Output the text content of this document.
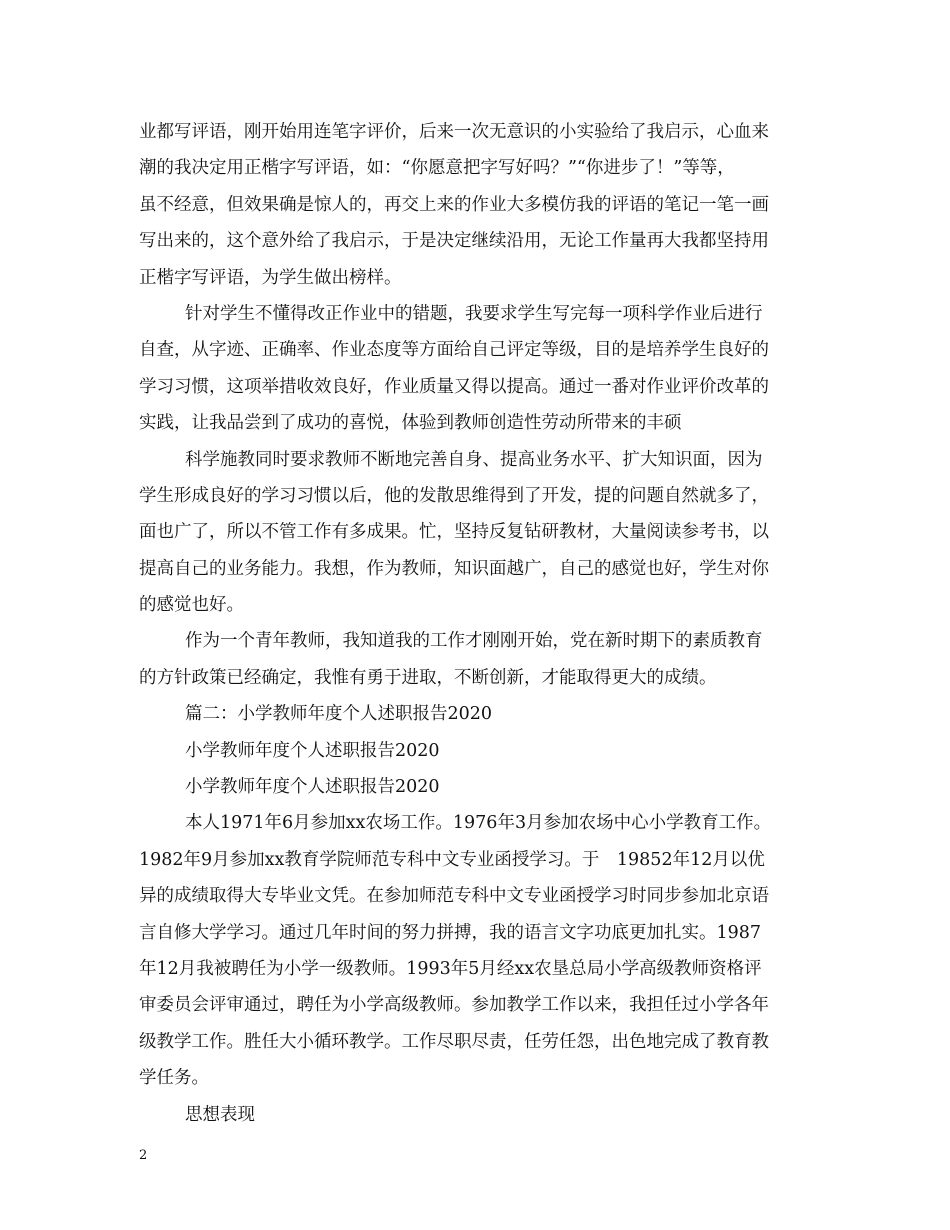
业都写评语，刚开始用连笔字评价，后来一次无意识的小实验给了我启示，心血来
潮的我决定用正楷字写评语，如：“你愿意把字写好吗？”“你进步了！”等等，
虽不经意，但效果确是惊人的，再交上来的作业大多模仿我的评语的笔记一笔一画
写出来的，这个意外给了我启示，于是决定继续沿用，无论工作量再大我都坚持用
正楷字写评语，为学生做出榜样。
针对学生不懂得改正作业中的错题，我要求学生写完每一项科学作业后进行
自查，从字迹、正确率、作业态度等方面给自己评定等级，目的是培养学生良好的
学习习惯，这项举措收效良好，作业质量又得以提高。通过一番对作业评价改革的
实践，让我品尝到了成功的喜悦，体验到教师创造性劳动所带来的丰硕
科学施教同时要求教师不断地完善自身、提高业务水平、扩大知识面，因为
学生形成良好的学习习惯以后，他的发散思维得到了开发，提的问题自然就多了，
面也广了，所以不管工作有多成果。忙，坚持反复钻研教材，大量阅读参考书，以
提高自己的业务能力。我想，作为教师，知识面越广，自己的感觉也好，学生对你
的感觉也好。
作为一个青年教师，我知道我的工作才刚刚开始，党在新时期下的素质教育
的方针政策已经确定，我惟有勇于进取，不断创新，才能取得更大的成绩。
篇二：小学教师年度个人述职报告2020
小学教师年度个人述职报告2020
小学教师年度个人述职报告2020
本人1971年6月参加xx农场工作。1976年3月参加农场中心小学教育工作。
1982年9月参加xx教育学院师范专科中文专业函授学习。于　19852年12月以优
异的成绩取得大专毕业文凭。在参加师范专科中文专业函授学习时同步参加北京语
言自修大学学习。通过几年时间的努力拼搏，我的语言文字功底更加扎实。1987
年12月我被聘任为小学一级教师。1993年5月经xx农垦总局小学高级教师资格评
审委员会评审通过，聘任为小学高级教师。参加教学工作以来，我担任过小学各年
级教学工作。胜任大小循环教学。工作尽职尽责，任劳任怨，出色地完成了教育教
学任务。
思想表现
2
